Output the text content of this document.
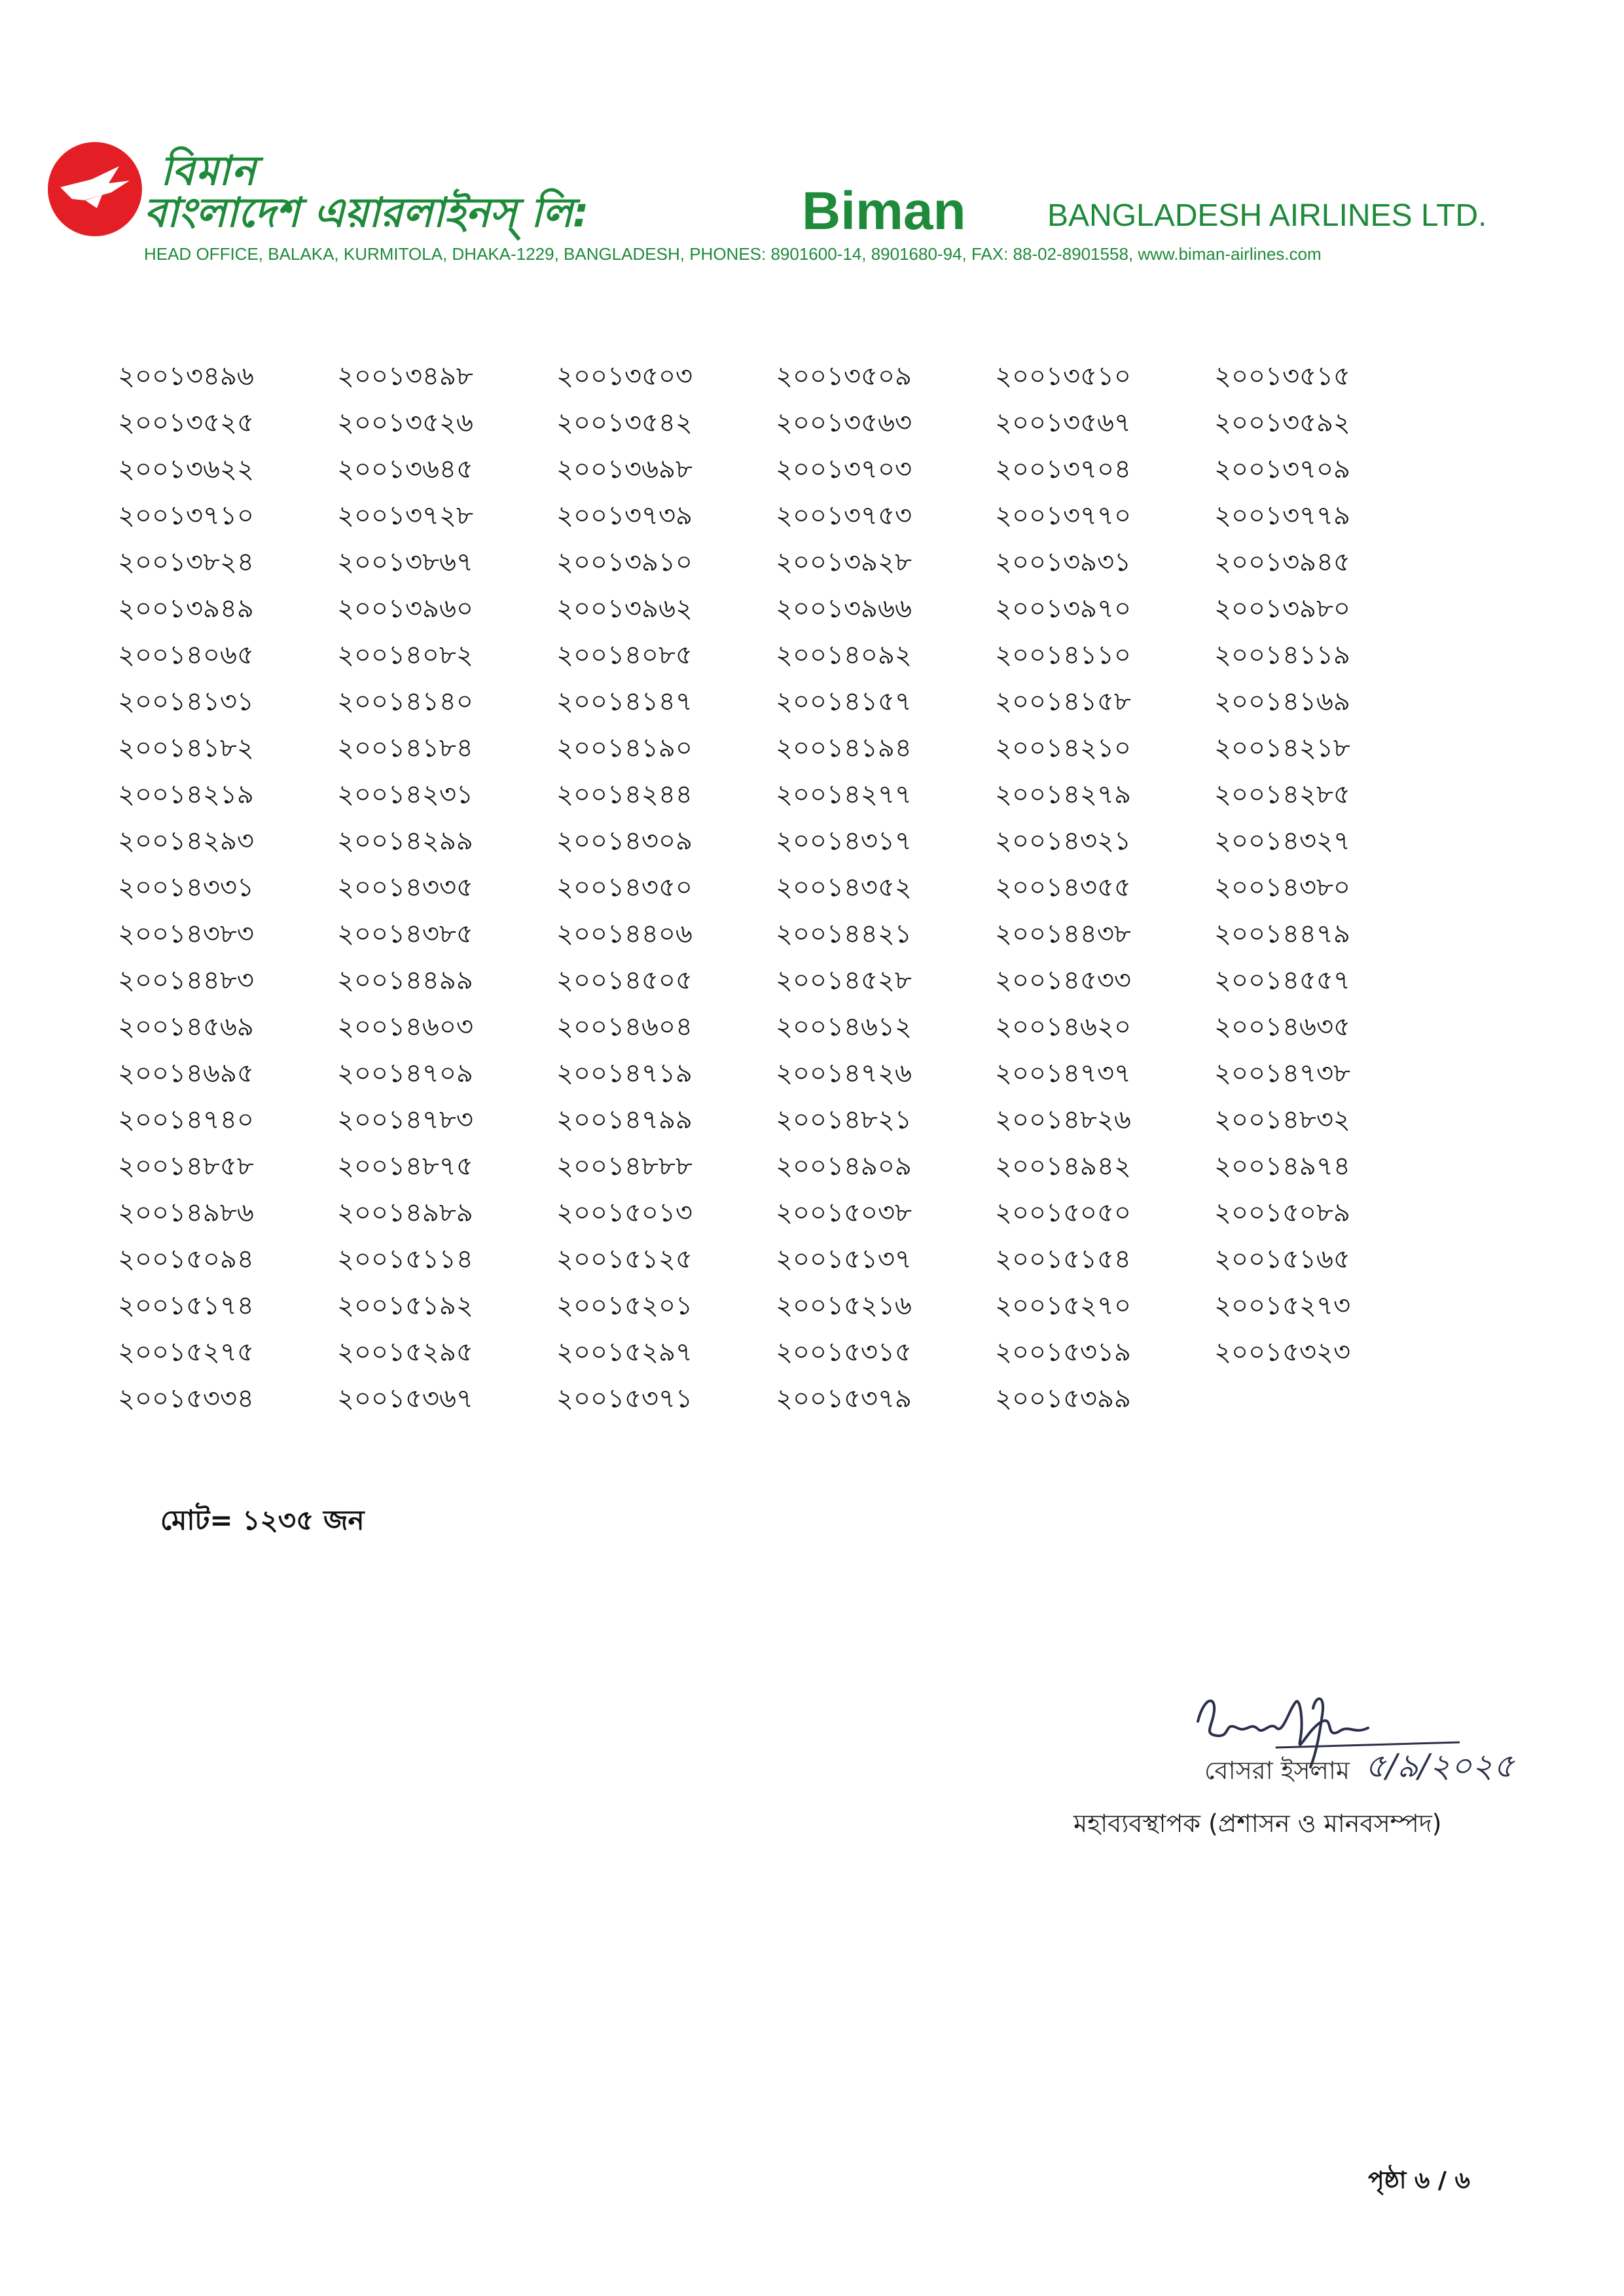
বিমান
বাংলাদেশ এয়ারলাইনস্ লি:	Biman	BANGLADESH AIRLINES LTD.
HEAD OFFICE, BALAKA, KURMITOLA, DHAKA-1229, BANGLADESH, PHONES: 8901600-14, 8901680-94, FAX: 88-02-8901558, www.biman-airlines.com
২০০১৩৪৯৬	২০০১৩৪৯৮	২০০১৩৫০৩	২০০১৩৫০৯	২০০১৩৫১০	২০০১৩৫১৫
২০০১৩৫২৫	২০০১৩৫২৬	২০০১৩৫৪২	২০০১৩৫৬৩	২০০১৩৫৬৭	২০০১৩৫৯২
২০০১৩৬২২	২০০১৩৬৪৫	২০০১৩৬৯৮	২০০১৩৭০৩	২০০১৩৭০৪	২০০১৩৭০৯
২০০১৩৭১০	২০০১৩৭২৮	২০০১৩৭৩৯	২০০১৩৭৫৩	২০০১৩৭৭০	২০০১৩৭৭৯
২০০১৩৮২৪	২০০১৩৮৬৭	২০০১৩৯১০	২০০১৩৯২৮	২০০১৩৯৩১	২০০১৩৯৪৫
২০০১৩৯৪৯	২০০১৩৯৬০	২০০১৩৯৬২	২০০১৩৯৬৬	২০০১৩৯৭০	২০০১৩৯৮০
২০০১৪০৬৫	২০০১৪০৮২	২০০১৪০৮৫	২০০১৪০৯২	২০০১৪১১০	২০০১৪১১৯
২০০১৪১৩১	২০০১৪১৪০	২০০১৪১৪৭	২০০১৪১৫৭	২০০১৪১৫৮	২০০১৪১৬৯
২০০১৪১৮২	২০০১৪১৮৪	২০০১৪১৯০	২০০১৪১৯৪	২০০১৪২১০	২০০১৪২১৮
২০০১৪২১৯	২০০১৪২৩১	২০০১৪২৪৪	২০০১৪২৭৭	২০০১৪২৭৯	২০০১৪২৮৫
২০০১৪২৯৩	২০০১৪২৯৯	২০০১৪৩০৯	২০০১৪৩১৭	২০০১৪৩২১	২০০১৪৩২৭
২০০১৪৩৩১	২০০১৪৩৩৫	২০০১৪৩৫০	২০০১৪৩৫২	২০০১৪৩৫৫	২০০১৪৩৮০
২০০১৪৩৮৩	২০০১৪৩৮৫	২০০১৪৪০৬	২০০১৪৪২১	২০০১৪৪৩৮	২০০১৪৪৭৯
২০০১৪৪৮৩	২০০১৪৪৯৯	২০০১৪৫০৫	২০০১৪৫২৮	২০০১৪৫৩৩	২০০১৪৫৫৭
২০০১৪৫৬৯	২০০১৪৬০৩	২০০১৪৬০৪	২০০১৪৬১২	২০০১৪৬২০	২০০১৪৬৩৫
২০০১৪৬৯৫	২০০১৪৭০৯	২০০১৪৭১৯	২০০১৪৭২৬	২০০১৪৭৩৭	২০০১৪৭৩৮
২০০১৪৭৪০	২০০১৪৭৮৩	২০০১৪৭৯৯	২০০১৪৮২১	২০০১৪৮২৬	২০০১৪৮৩২
২০০১৪৮৫৮	২০০১৪৮৭৫	২০০১৪৮৮৮	২০০১৪৯০৯	২০০১৪৯৪২	২০০১৪৯৭৪
২০০১৪৯৮৬	২০০১৪৯৮৯	২০০১৫০১৩	২০০১৫০৩৮	২০০১৫০৫০	২০০১৫০৮৯
২০০১৫০৯৪	২০০১৫১১৪	২০০১৫১২৫	২০০১৫১৩৭	২০০১৫১৫৪	২০০১৫১৬৫
২০০১৫১৭৪	২০০১৫১৯২	২০০১৫২০১	২০০১৫২১৬	২০০১৫২৭০	২০০১৫২৭৩
২০০১৫২৭৫	২০০১৫২৯৫	২০০১৫২৯৭	২০০১৫৩১৫	২০০১৫৩১৯	২০০১৫৩২৩
২০০১৫৩৩৪	২০০১৫৩৬৭	২০০১৫৩৭১	২০০১৫৩৭৯	২০০১৫৩৯৯
মোট= ১২৩৫ জন
বোসরা ইসলাম ৫/৯/২০২৫
মহাব্যবস্থাপক (প্রশাসন ও মানবসম্পদ)
পৃষ্ঠা ৬ / ৬
